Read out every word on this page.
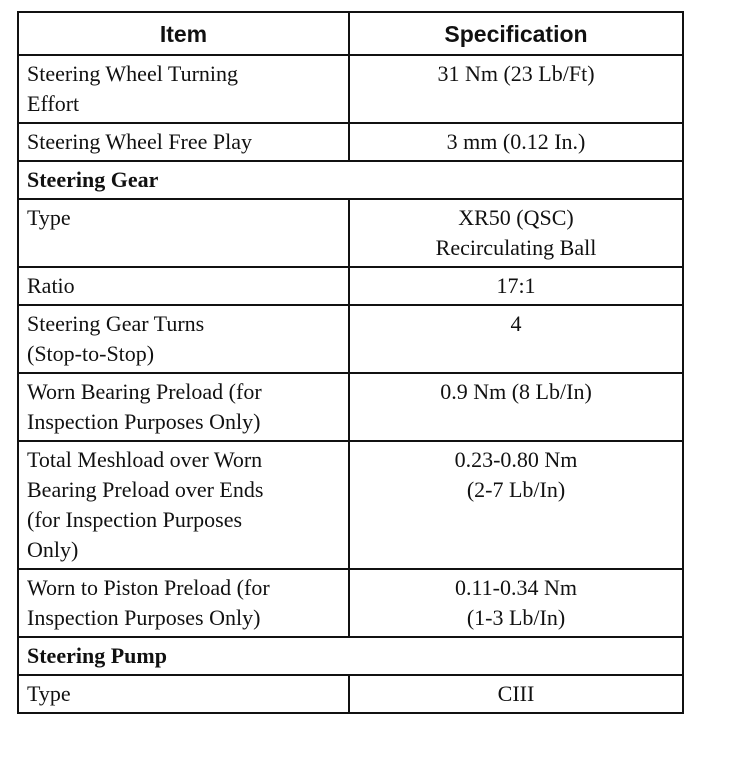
Item	Specification

Steering Wheel Turning
Effort	31 Nm (23 Lb/Ft)

Steering Wheel Free Play	3 mm (0.12 In.)

Steering Gear	

Type	XR50 (QSC)
Recirculating Ball

Ratio	17:1

Steering Gear Turns
(Stop-to-Stop)	4

Worn Bearing Preload (for
Inspection Purposes Only)	0.9 Nm (8 Lb/In)

Total Meshload over Worn
Bearing Preload over Ends
(for Inspection Purposes
Only)	0.23-0.80 Nm
(2-7 Lb/In)

Worn to Piston Preload (for
Inspection Purposes Only)	0.11-0.34 Nm
(1-3 Lb/In)

Steering Pump	

Type	CIII
